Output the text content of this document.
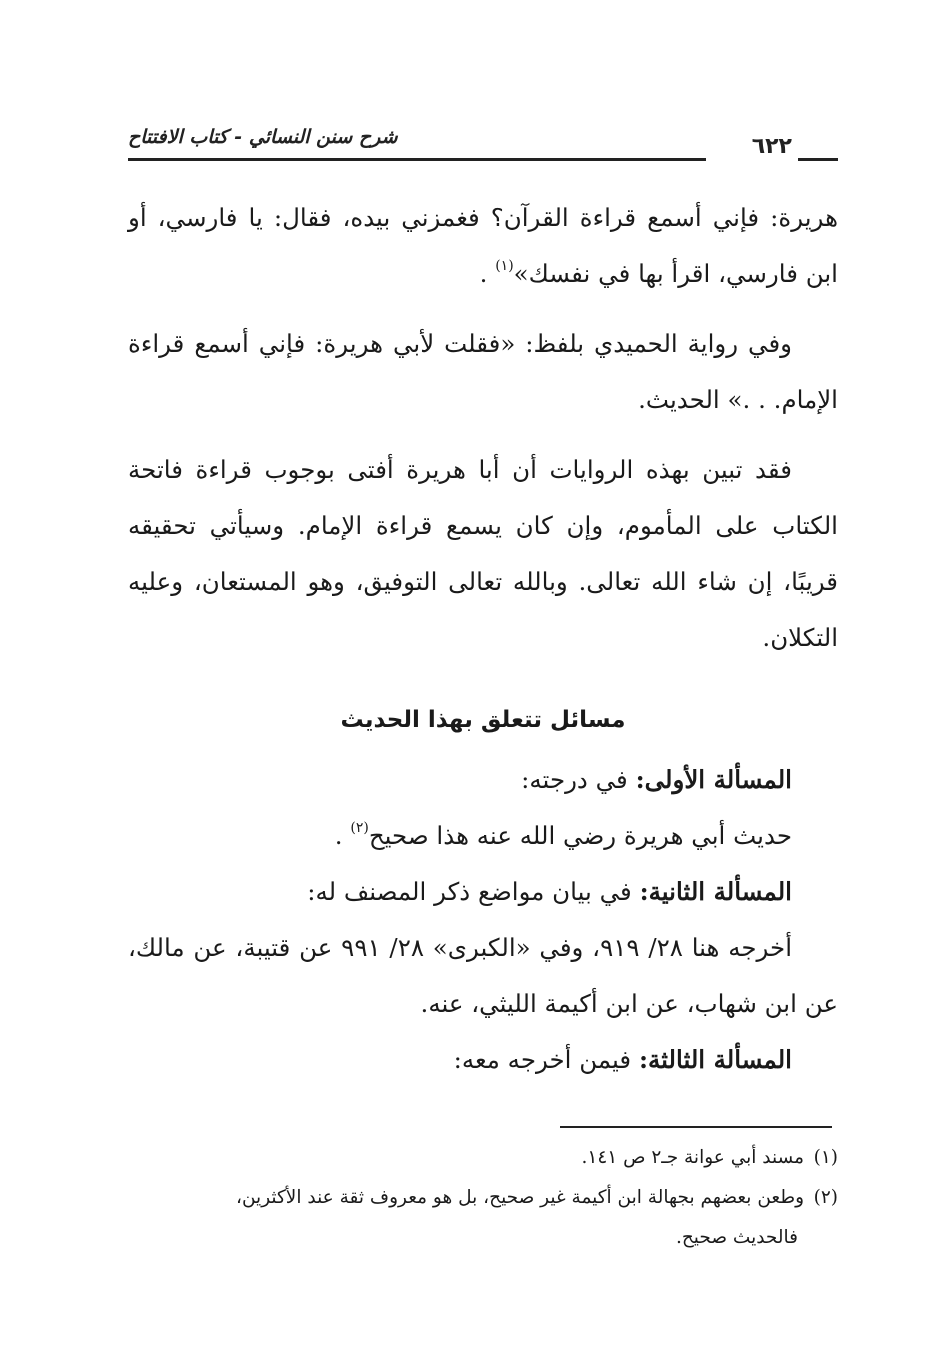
شرح سنن النسائي - كتاب الافتتاح	٦٢٢

هريرة: فإني أسمع قراءة القرآن؟ فغمزني بيده، فقال: يا فارسي، أو ابن فارسي، اقرأ بها في نفسك»$^{(١)}$ .

وفي رواية الحميدي بلفظ: «فقلت لأبي هريرة: فإني أسمع قراءة الإمام. . .» الحديث.

فقد تبين بهذه الروايات أن أبا هريرة أفتى بوجوب قراءة فاتحة الكتاب على المأموم، وإن كان يسمع قراءة الإمام. وسيأتي تحقيقه قريبًا، إن شاء الله تعالى. وبالله تعالى التوفيق، وهو المستعان، وعليه التكلان.

مسائل تتعلق بهذا الحديث

المسألة الأولى: في درجته:

حديث أبي هريرة رضي الله عنه هذا صحيح$^{(٢)}$ .

المسألة الثانية: في بيان مواضع ذكر المصنف له:

أخرجه هنا ٢٨/ ٩١٩، وفي «الكبرى» ٢٨/ ٩٩١ عن قتيبة، عن مالك، عن ابن شهاب، عن ابن أكيمة الليثي، عنه.

المسألة الثالثة: فيمن أخرجه معه:

(١)مسند أبي عوانة جـ٢ ص ١٤١.

(٢)وطعن بعضهم بجهالة ابن أكيمة غير صحيح، بل هو معروف ثقة عند الأكثرين،

فالحديث صحيح.
